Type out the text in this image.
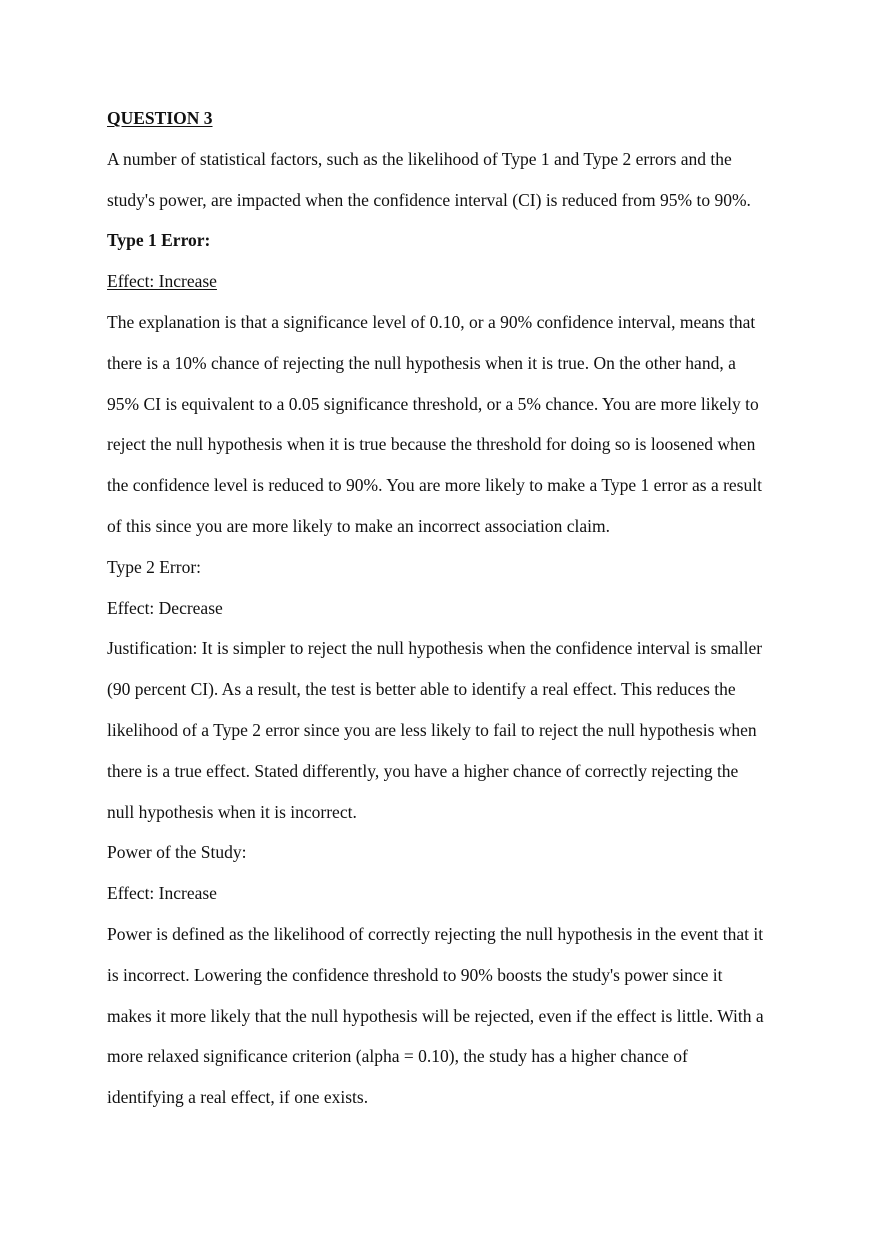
QUESTION 3
A number of statistical factors, such as the likelihood of Type 1 and Type 2 errors and the
study's power, are impacted when the confidence interval (CI) is reduced from 95% to 90%.
Type 1 Error:
Effect: Increase
The explanation is that a significance level of 0.10, or a 90% confidence interval, means that
there is a 10% chance of rejecting the null hypothesis when it is true. On the other hand, a
95% CI is equivalent to a 0.05 significance threshold, or a 5% chance. You are more likely to
reject the null hypothesis when it is true because the threshold for doing so is loosened when
the confidence level is reduced to 90%. You are more likely to make a Type 1 error as a result
of this since you are more likely to make an incorrect association claim.
Type 2 Error:
Effect: Decrease
Justification: It is simpler to reject the null hypothesis when the confidence interval is smaller
(90 percent CI). As a result, the test is better able to identify a real effect. This reduces the
likelihood of a Type 2 error since you are less likely to fail to reject the null hypothesis when
there is a true effect. Stated differently, you have a higher chance of correctly rejecting the
null hypothesis when it is incorrect.
Power of the Study:
Effect: Increase
Power is defined as the likelihood of correctly rejecting the null hypothesis in the event that it
is incorrect. Lowering the confidence threshold to 90% boosts the study's power since it
makes it more likely that the null hypothesis will be rejected, even if the effect is little. With a
more relaxed significance criterion (alpha = 0.10), the study has a higher chance of
identifying a real effect, if one exists.
